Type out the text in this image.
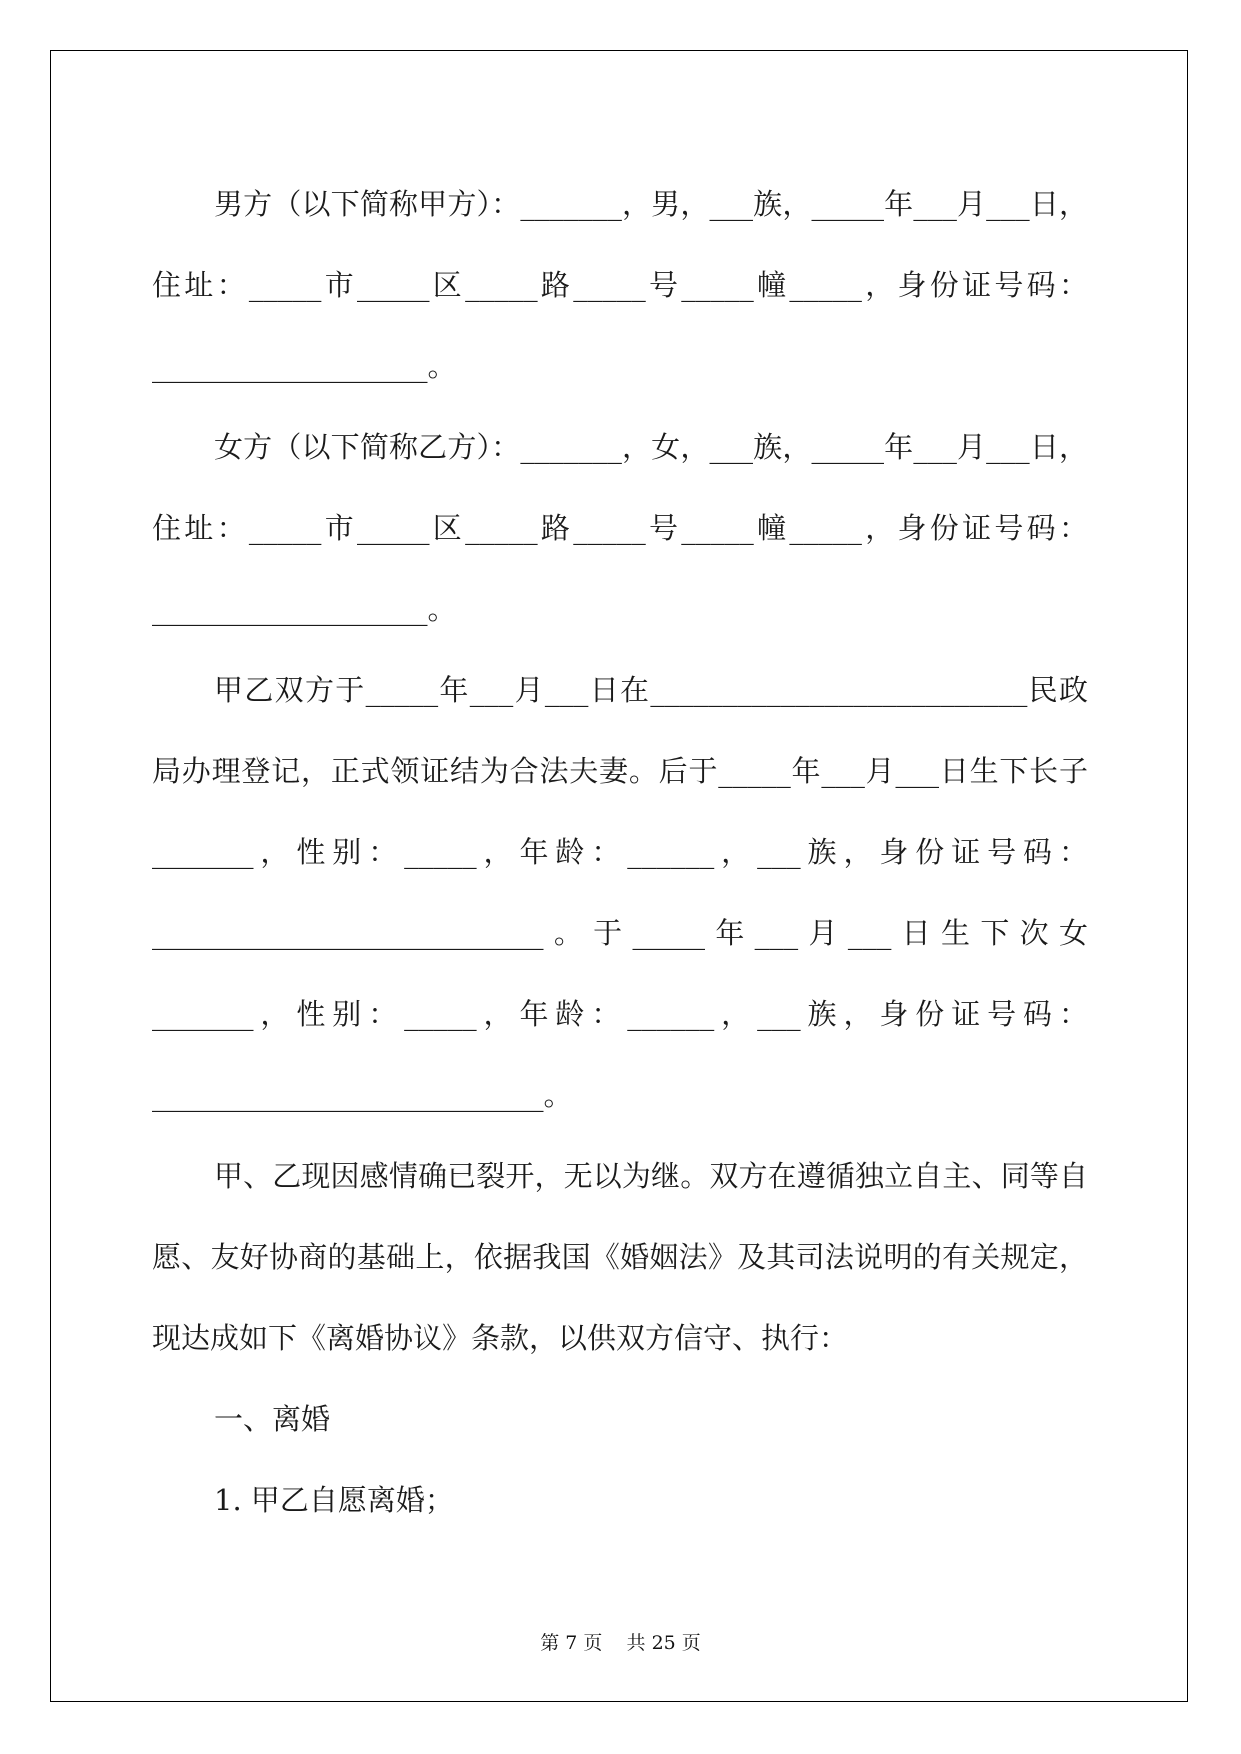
男方（以下简称甲方）：_______，男，___族，_____年___月___日，住址：_____市_____区_____路_____号_____幢_____，身份证号码：___________________。

女方（以下简称乙方）：_______，女，___族，_____年___月___日，住址：_____市_____区_____路_____号_____幢_____，身份证号码：___________________。

甲乙双方于_____年___月___日在__________________________民政局办理登记，正式领证结为合法夫妻。后于_____年___月___日生下长子_______，性别：_____，年龄：______，___族，身份证号码：___________________________。于_____年___月___日生下次女_______，性别：_____，年龄：______，___族，身份证号码：___________________________。

甲、乙现因感情确已裂开，无以为继。双方在遵循独立自主、同等自愿、友好协商的基础上，依据我国《婚姻法》及其司法说明的有关规定，现达成如下《离婚协议》条款，以供双方信守、执行：

一、离婚

1. 甲乙自愿离婚；

第 7 页 共 25 页
